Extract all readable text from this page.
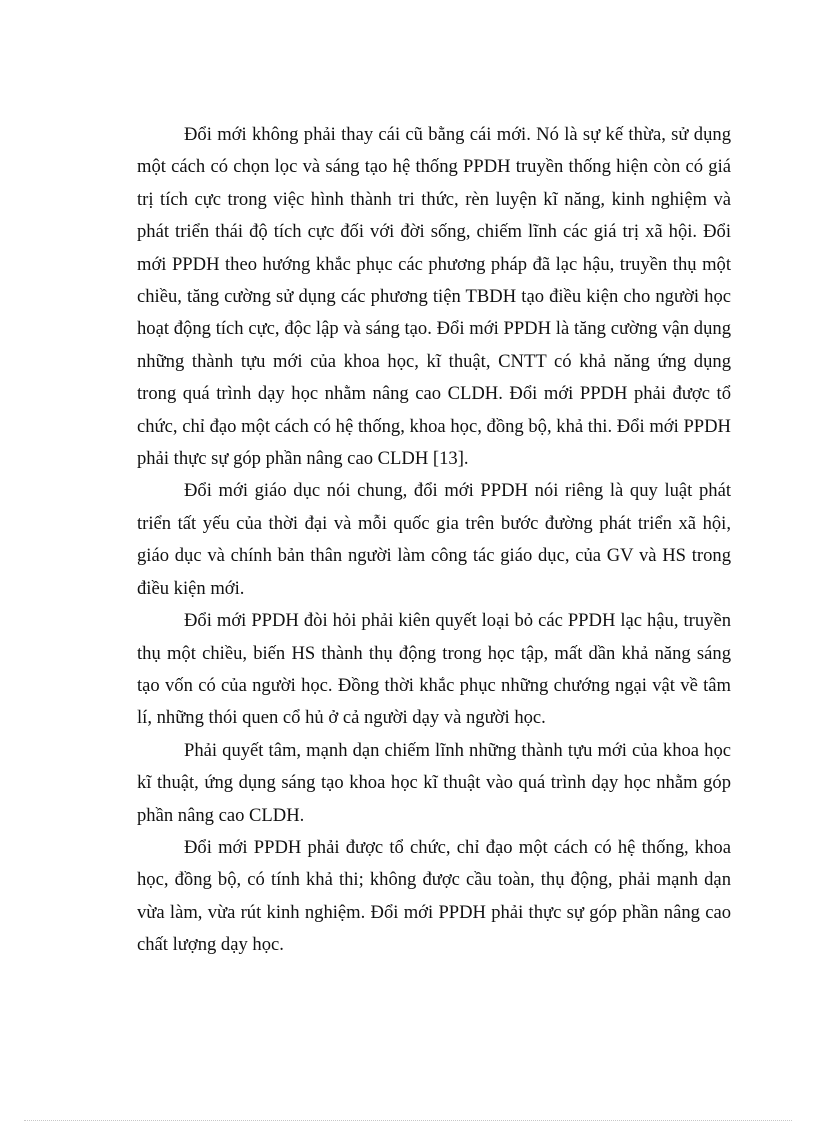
Đổi mới không phải thay cái cũ bằng cái mới. Nó là sự kế thừa, sử dụng một cách có chọn lọc và sáng tạo hệ thống PPDH truyền thống hiện còn có giá trị tích cực trong việc hình thành tri thức, rèn luyện kĩ năng, kinh nghiệm và phát triển thái độ tích cực đối với đời sống, chiếm lĩnh các giá trị xã hội. Đổi mới PPDH theo hướng khắc phục các phương pháp đã lạc hậu, truyền thụ một chiều, tăng cường sử dụng các phương tiện TBDH tạo điều kiện cho người học hoạt động tích cực, độc lập và sáng tạo. Đổi mới PPDH là tăng cường vận dụng những thành tựu mới của khoa học, kĩ thuật, CNTT có khả năng ứng dụng trong quá trình dạy học nhằm nâng cao CLDH. Đổi mới PPDH phải được tổ chức, chỉ đạo một cách có hệ thống, khoa học, đồng bộ, khả thi. Đổi mới PPDH phải thực sự góp phần nâng cao CLDH [13].

Đổi mới giáo dục nói chung, đổi mới PPDH nói riêng là quy luật phát triển tất yếu của thời đại và mỗi quốc gia trên bước đường phát triển xã hội, giáo dục và chính bản thân người làm công tác giáo dục, của GV và HS trong điều kiện mới.

Đổi mới PPDH đòi hỏi phải kiên quyết loại bỏ các PPDH lạc hậu, truyền thụ một chiều, biến HS thành thụ động trong học tập, mất dần khả năng sáng tạo vốn có của người học. Đồng thời khắc phục những chướng ngại vật về tâm lí, những thói quen cổ hủ ở cả người dạy và người học.

Phải quyết tâm, mạnh dạn chiếm lĩnh những thành tựu mới của khoa học kĩ thuật, ứng dụng sáng tạo khoa học kĩ thuật vào quá trình dạy học nhằm góp phần nâng cao CLDH.

Đổi mới PPDH phải được tổ chức, chỉ đạo một cách có hệ thống, khoa học, đồng bộ, có tính khả thi; không được cầu toàn, thụ động, phải mạnh dạn vừa làm, vừa rút kinh nghiệm. Đổi mới PPDH phải thực sự góp phần nâng cao chất lượng dạy học.
